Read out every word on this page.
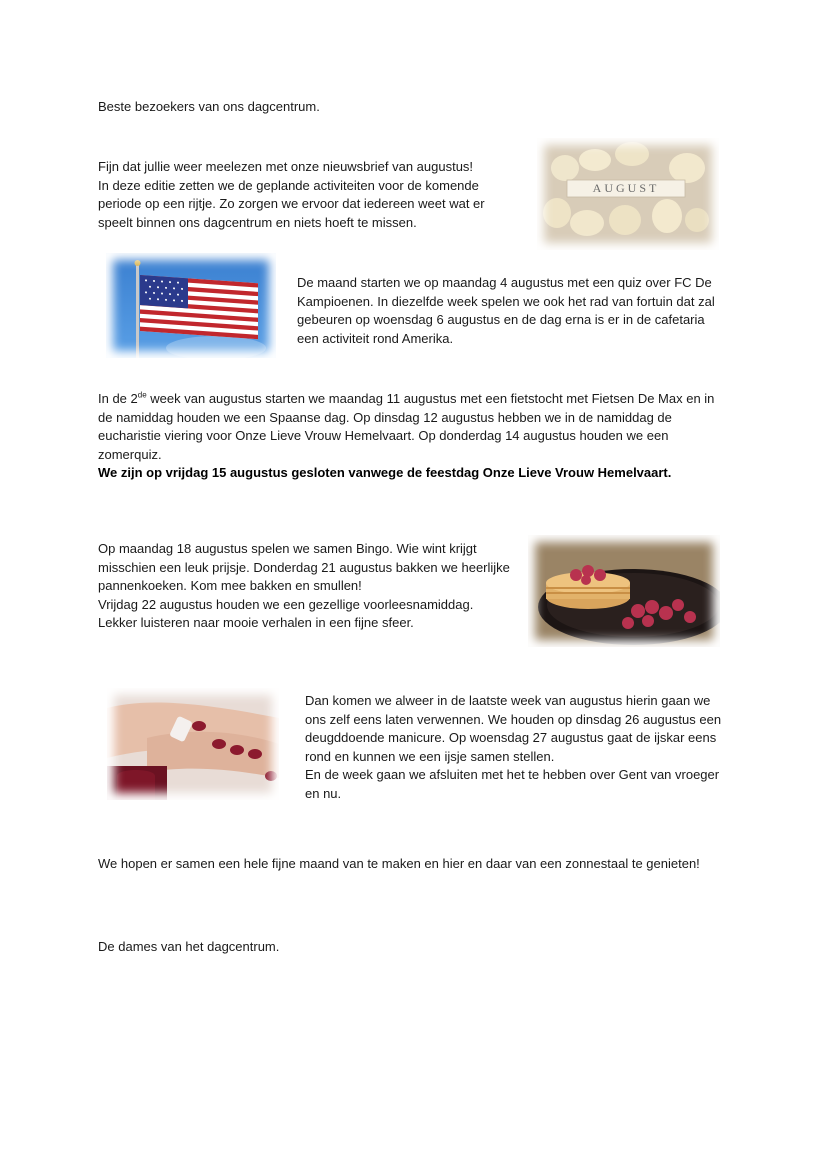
Beste bezoekers van ons dagcentrum.

Fijn dat jullie weer meelezen met onze nieuwsbrief van augustus!

In deze editie zetten we de geplande activiteiten voor de komende periode op een rijtje. Zo zorgen we ervoor dat iedereen weet wat er speelt binnen ons dagcentrum en niets hoeft te missen.

AUGUST

De maand starten we op maandag 4 augustus met een quiz over FC De Kampioenen. In diezelfde week spelen we ook het rad van fortuin dat zal gebeuren op woensdag 6 augustus en de dag erna is er in de cafetaria een activiteit rond Amerika.

In de 2de week van augustus starten we maandag 11 augustus met een fietstocht met Fietsen De Max en in de namiddag houden we een Spaanse dag. Op dinsdag 12 augustus hebben we in de namiddag de eucharistie viering voor Onze Lieve Vrouw Hemelvaart. Op donderdag 14 augustus houden we een zomerquiz.

We zijn op vrijdag 15 augustus gesloten vanwege de feestdag Onze Lieve Vrouw Hemelvaart.

Op maandag 18 augustus spelen we samen Bingo. Wie wint krijgt misschien een leuk prijsje. Donderdag 21 augustus bakken we heerlijke pannenkoeken. Kom mee bakken en smullen!

Vrijdag 22 augustus houden we een gezellige voorleesnamiddag. Lekker luisteren naar mooie verhalen in een fijne sfeer.

Dan komen we alweer in de laatste week van augustus hierin gaan we ons zelf eens laten verwennen. We houden op dinsdag 26 augustus een deugddoende manicure. Op woensdag 27 augustus gaat de ijskar eens rond en kunnen we een ijsje samen stellen.

En de week gaan we afsluiten met het te hebben over Gent van vroeger en nu.

We hopen er samen een hele fijne maand van te maken en hier en daar van een zonnestaal te genieten!

De dames van het dagcentrum.
